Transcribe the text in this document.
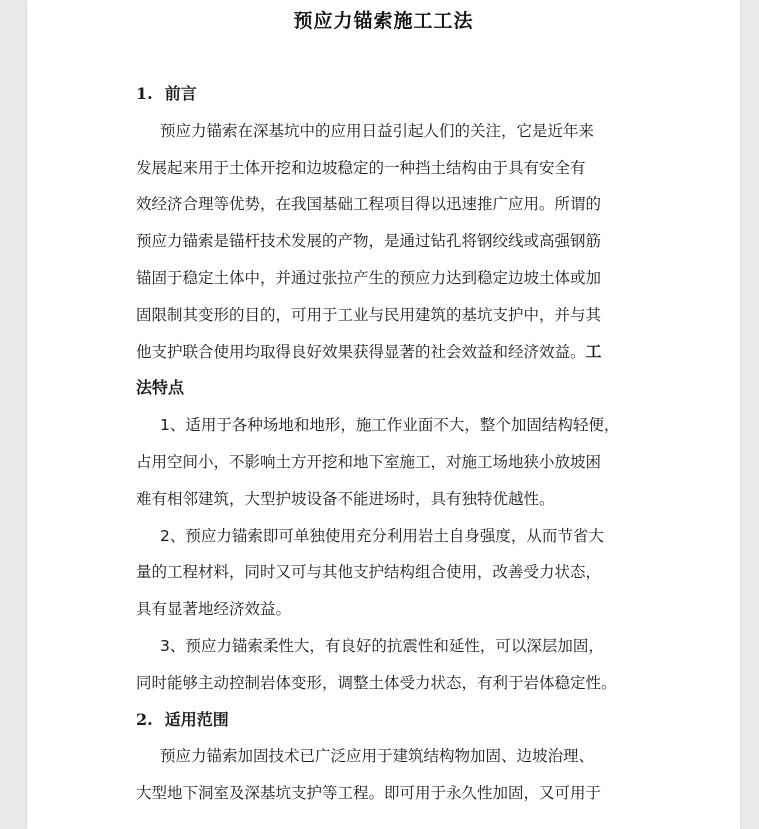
预应力锚索施工工法
1. 前言
预应力锚索在深基坑中的应用日益引起人们的关注，它是近年来
发展起来用于土体开挖和边坡稳定的一种挡土结构由于具有安全有
效经济合理等优势，在我国基础工程项目得以迅速推广应用。所谓的
预应力锚索是锚杆技术发展的产物，是通过钻孔将钢绞线或高强钢筋
锚固于稳定土体中，并通过张拉产生的预应力达到稳定边坡土体或加
固限制其变形的目的，可用于工业与民用建筑的基坑支护中，并与其
他支护联合使用均取得良好效果获得显著的社会效益和经济效益。工
法特点
1、适用于各种场地和地形，施工作业面不大，整个加固结构轻便，
占用空间小，不影响土方开挖和地下室施工，对施工场地狭小放坡困
难有相邻建筑，大型护坡设备不能进场时，具有独特优越性。
2、预应力锚索即可单独使用充分利用岩土自身强度，从而节省大
量的工程材料，同时又可与其他支护结构组合使用，改善受力状态，
具有显著地经济效益。
3、预应力锚索柔性大，有良好的抗震性和延性，可以深层加固，
同时能够主动控制岩体变形，调整土体受力状态，有利于岩体稳定性。
2. 适用范围
预应力锚索加固技术已广泛应用于建筑结构物加固、边坡治理、
大型地下洞室及深基坑支护等工程。即可用于永久性加固，又可用于
